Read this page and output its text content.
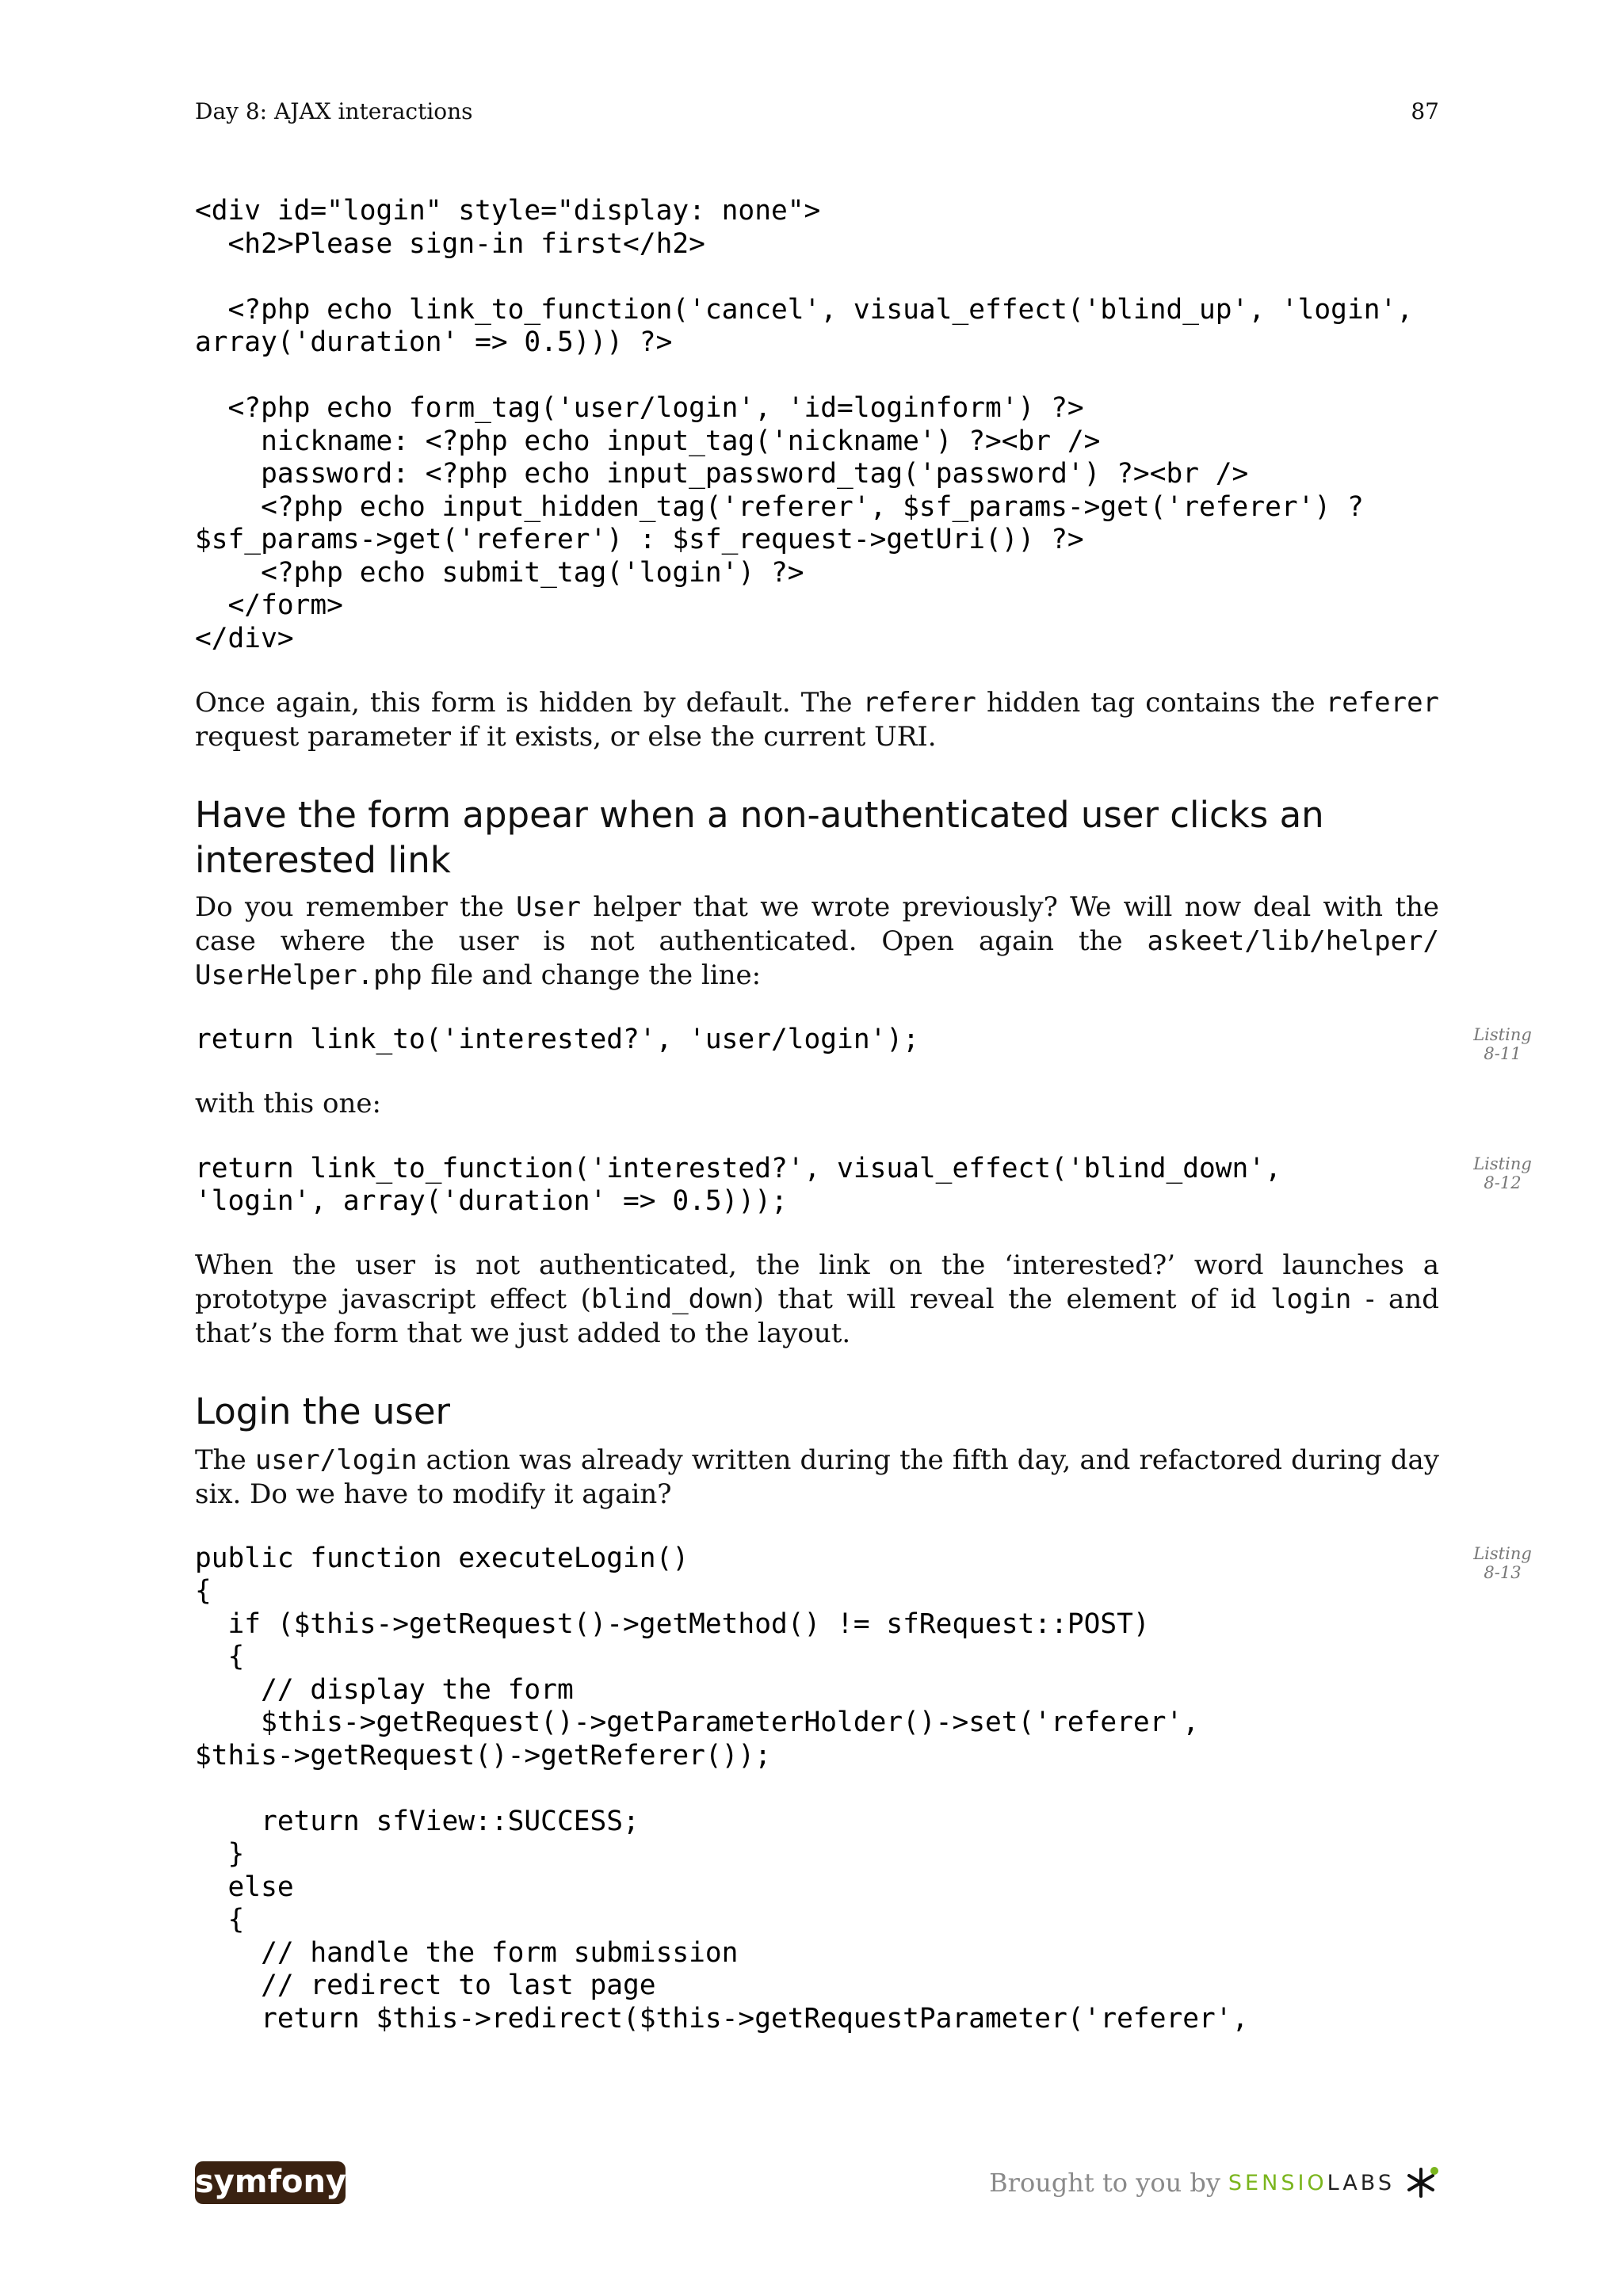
Day 8: AJAX interactions	87
<div id="login" style="display: none">
<h2>Please sign-in first</h2>

<?php echo link_to_function('cancel', visual_effect('blind_up', 'login',
array('duration' => 0.5))) ?>

<?php echo form_tag('user/login', 'id=loginform') ?>
nickname: <?php echo input_tag('nickname') ?><br />
password: <?php echo input_password_tag('password') ?><br />
<?php echo input_hidden_tag('referer', $sf_params->get('referer') ?
$sf_params->get('referer') : $sf_request->getUri()) ?>
<?php echo submit_tag('login') ?>
</form>
</div>

Once again, this form is hidden by default. The referer hidden tag contains the referer request parameter if it exists, or else the current URI.

Have the form appear when a non-authenticated user clicks an interested link

Do you remember the User helper that we wrote previously? We will now deal with the case where the user is not authenticated. Open again the askeet/lib/helper/ UserHelper.php file and change the line:

return link_to('interested?', 'user/login');	Listing
8-11

with this one:

return link_to_function('interested?', visual_effect('blind_down',
'login', array('duration' => 0.5)));
Listing
8-12

When the user is not authenticated, the link on the ‘interested?’ word launches a prototype javascript effect (blind_down) that will reveal the element of id login - and that’s the form that we just added to the layout.

Login the user

The user/login action was already written during the fifth day, and refactored during day six. Do we have to modify it again?

public function executeLogin()
{
if ($this->getRequest()->getMethod() != sfRequest::POST)
{
// display the form
$this->getRequest()->getParameterHolder()->set('referer',
$this->getRequest()->getReferer());

return sfView::SUCCESS;
}
else
{
// handle the form submission
// redirect to last page
return $this->redirect($this->getRequestParameter('referer',
Listing
8-13
symfony	Brought to you by SENSIO LABS
